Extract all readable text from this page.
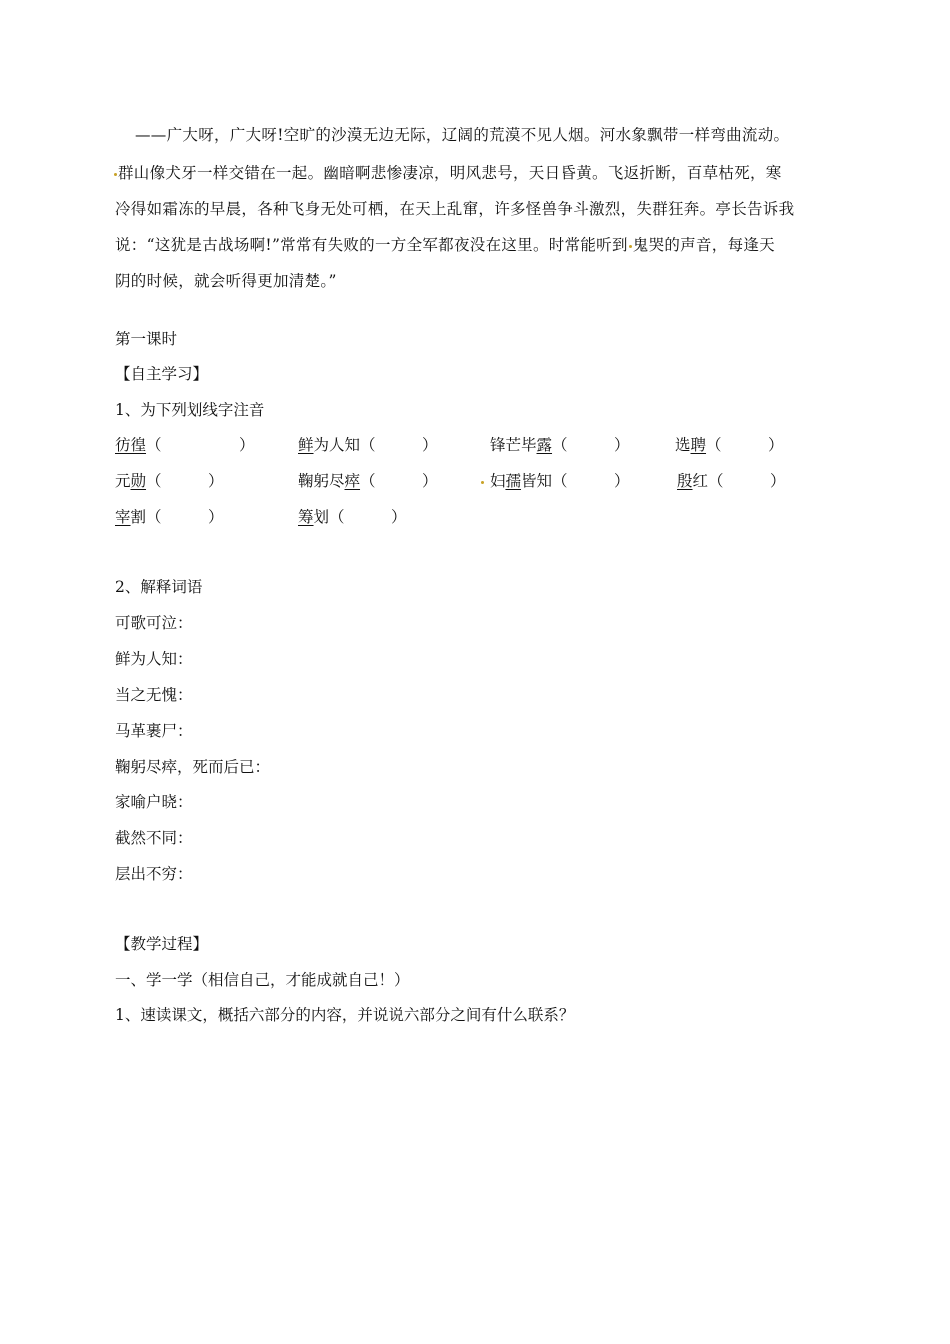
——广大呀，广大呀!空旷的沙漠无边无际，辽阔的荒漠不见人烟。河水象飘带一样弯曲流动。
群山像犬牙一样交错在一起。幽暗啊悲惨凄凉，明风悲号，天日昏黄。飞返折断，百草枯死，寒
冷得如霜冻的早晨，各种飞身无处可栖，在天上乱窜，许多怪兽争斗激烈，失群狂奔。亭长告诉我
说：“这犹是古战场啊!”常常有失败的一方全军都夜没在这里。时常能听到 鬼哭的声音，每逢天
阴的时候，就会听得更加清楚。”
第一课时
【自主学习】
1、为下列划线字注音
彷徨（　　　　　）	鲜为人知（　　　）	锋芒毕露（　　　）	选聘（　　　）
元勋（　　　）	鞠躬尽瘁（　　　）	妇孺皆知（　　　）	殷红（　　　）
宰割（　　　）	筹划（　　　）
2、解释词语
可歌可泣：
鲜为人知：
当之无愧：
马革裹尸：
鞠躬尽瘁，死而后已：
家喻户晓：
截然不同：
层出不穷：
【教学过程】
一、学一学（相信自己，才能成就自己！）
1、速读课文，概括六部分的内容，并说说六部分之间有什么联系？
